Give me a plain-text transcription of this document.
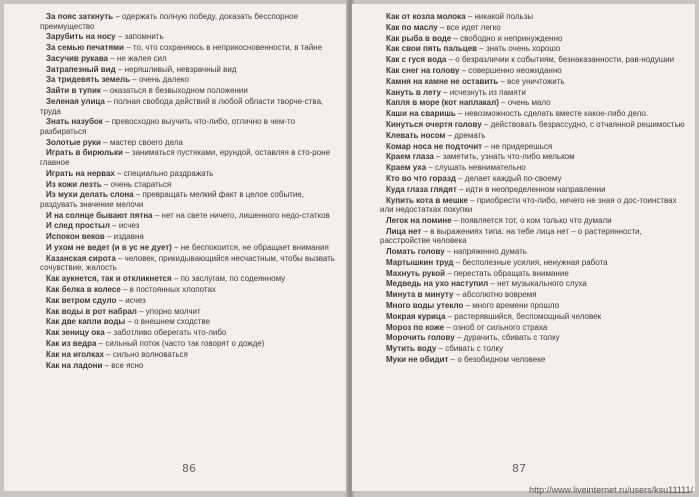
За пояс заткнуть – одержать полную победу, доказать бесспорное преимущество
Зарубить на носу – запомнить
За семью печатями – то, что сохраняюсь в неприкосновенности, в тайне
Засучив рукава – не жалея сил
Затрапезный вид – неряшливый, невзрачный вид
За тридевять земель – очень далеко
Зайти в тупик – оказаться в безвыходном положении
Зеленая улица – полная свобода действий в любой области творче-ства, труда
Знать назубок – превосходно выучить что-либо, отлично в чем-то разбираться
Золотые руки – мастер своего дела
Играть в бирюльки – заниматься пустяками, ерундой, оставляя в сто-роне главное
Играть на нервах – специально раздражать
Из кожи лезть – очень стараться
Из мухи делать слона – превращать мелкий факт в целое событие, раздувать значение мелочи
И на солнце бывают пятна – нет на свете ничего, лишенного недо-статков
И след простыл – исчез
Испокон веков – издавна
И ухом не ведет (и в ус не дует) – не беспокоится, не обращает внимания
Казанская сирота – человек, прикидывающийся несчастным, чтобы вызвать сочувствие, жалость
Как аукнется, так и откликнется – по заслугам, по содеянному
Как белка в колесе – в постоянных хлопотах
Как ветром сдуло – исчез
Как воды в рот набрал – упорно молчит
Как две капли воды – о внешнем сходстве
Как зеницу ока – заботливо оберегать что-либо
Как из ведра – сильный поток (часто так говорят о дожде)
Как на иголках – сильно волноваться
Как на ладони – все ясно
86
Как от козла молока – никакой пользы
Как по маслу – все идет легко
Как рыба в воде – свободно и непринужденно
Как свои пять пальцев – знать очень хорошо
Как с гуся вода – о безразличии к событиям, безнаказанности, рав-нодушии
Как снег на голову – совершенно неожиданно
Камня на камне не оставить – все уничтожить
Кануть в лету – исчезнуть из памяти
Капля в море (кот наплакал) – очень мало
Каши на сваришь – невозможность сделать вместе какое-либо дело.
Кинуться очертя голову – действовать безрассудно, с отчаянной решимостью
Клевать носом – дремать
Комар носа не подточит – не придерешься
Краем глаза – заметить, узнать что-либо мельком
Краем уха – слушать невнимательно
Кто во что горазд – делает каждый по-своему
Куда глаза глядят – идти в неопределенном направлении
Купить кота в мешке – приобрести что-либо, ничего не зная о дос-тоинствах или недостатках покупки
Легок на помине – появляется тот, о ком только что думали
Лица нет – в выражениях типа: на тебе лица нет – о растерянности, расстройстве человека
Ломать голову – напряженно думать
Мартышкин труд – бесполезные усилия, ненужная работа
Махнуть рукой – перестать обращать внимание
Медведь на ухо наступил – нет музыкального слуха
Минута в минуту – абсолютно вовремя
Много воды утекло – много времени прошло
Мокрая курица – растерявшийся, беспомощный человек
Мороз по коже – озноб от сильного страха
Морочить голову – дурачить, сбивать с толку
Мутить воду – сбивать с толку
Муки не обидит – о безобидном человеке
87
http://www.liveinternet.ru/users/ksu11111/
